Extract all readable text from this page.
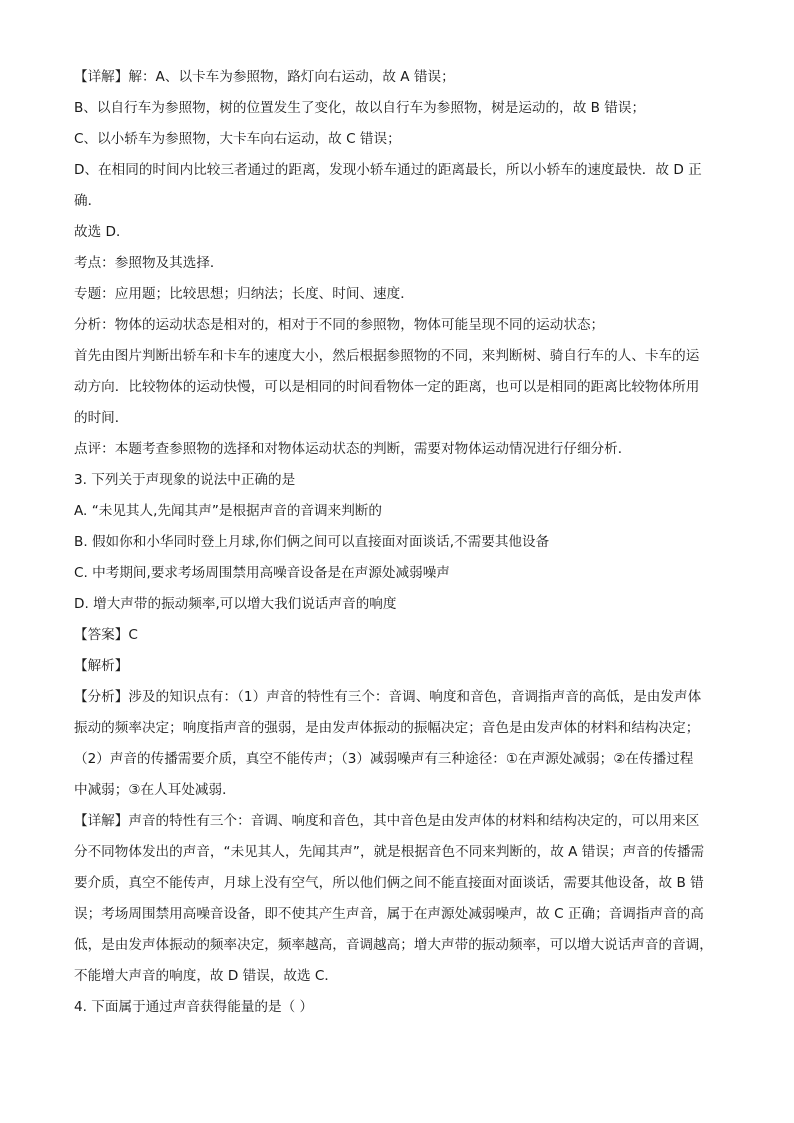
【详解】解：A、以卡车为参照物，路灯向右运动，故 A 错误；
B、以自行车为参照物，树的位置发生了变化，故以自行车为参照物，树是运动的，故 B 错误；
C、以小轿车为参照物，大卡车向右运动，故 C 错误；
D、在相同的时间内比较三者通过的距离，发现小轿车通过的距离最长，所以小轿车的速度最快．故 D 正
确．
故选 D．
考点：参照物及其选择．
专题：应用题；比较思想；归纳法；长度、时间、速度．
分析：物体的运动状态是相对的，相对于不同的参照物，物体可能呈现不同的运动状态；
首先由图片判断出轿车和卡车的速度大小，然后根据参照物的不同，来判断树、骑自行车的人、卡车的运
动方向．比较物体的运动快慢，可以是相同的时间看物体一定的距离，也可以是相同的距离比较物体所用
的时间．
点评：本题考查参照物的选择和对物体运动状态的判断，需要对物体运动情况进行仔细分析．
3. 下列关于声现象的说法中正确的是
A. “未见其人,先闻其声”是根据声音的音调来判断的
B. 假如你和小华同时登上月球,你们俩之间可以直接面对面谈话,不需要其他设备
C. 中考期间,要求考场周围禁用高噪音设备是在声源处减弱噪声
D. 增大声带的振动频率,可以增大我们说话声音的响度
【答案】C
【解析】
【分析】涉及的知识点有：（1）声音的特性有三个：音调、响度和音色，音调指声音的高低，是由发声体
振动的频率决定；响度指声音的强弱，是由发声体振动的振幅决定；音色是由发声体的材料和结构决定；
（2）声音的传播需要介质，真空不能传声；（3）减弱噪声有三种途径：①在声源处减弱；②在传播过程
中减弱；③在人耳处减弱．
【详解】声音的特性有三个：音调、响度和音色，其中音色是由发声体的材料和结构决定的，可以用来区
分不同物体发出的声音，“未见其人，先闻其声”，就是根据音色不同来判断的，故 A 错误；声音的传播需
要介质，真空不能传声，月球上没有空气，所以他们俩之间不能直接面对面谈话，需要其他设备，故 B 错
误；考场周围禁用高噪音设备，即不使其产生声音，属于在声源处减弱噪声，故 C 正确；音调指声音的高
低，是由发声体振动的频率决定，频率越高，音调越高；增大声带的振动频率，可以增大说话声音的音调，
不能增大声音的响度，故 D 错误，故选 C．
4. 下面属于通过声音获得能量的是（ ）
